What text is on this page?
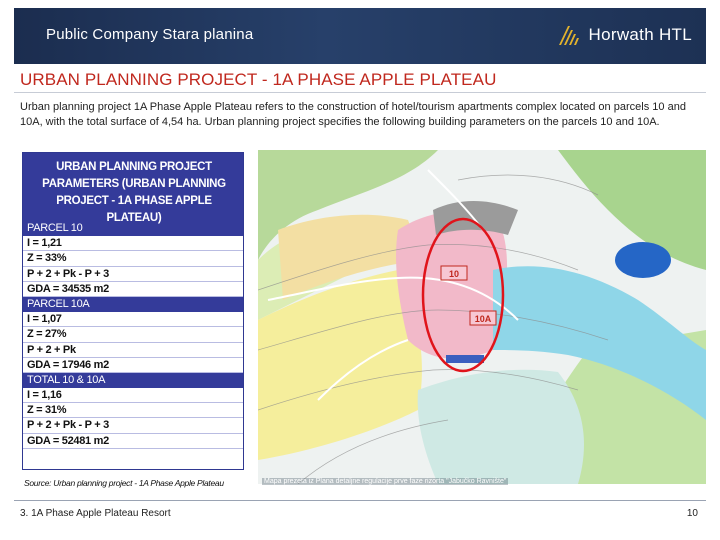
Public Company Stara planina	Horwath HTL
URBAN PLANNING PROJECT - 1A PHASE APPLE PLATEAU

Urban planning project 1A Phase Apple Plateau refers to the construction of hotel/tourism apartments complex located on parcels 10 and 10A, with the total surface of 4,54 ha. Urban planning project specifies the following building parameters on the parcels 10 and 10A.

URBAN PLANNING PROJECT PARAMETERS (URBAN PLANNING PROJECT - 1A PHASE APPLE PLATEAU)
PARCEL 10
I = 1,21
Z = 33%
P + 2 + Pk - P + 3
GDA = 34535 m2
PARCEL 10A
I = 1,07
Z = 27%
P + 2 + Pk
GDA = 17946 m2
TOTAL 10 & 10A
I = 1,16
Z = 31%
P + 2 + Pk - P + 3
GDA = 52481 m2
Source: Urban planning project - 1A Phase Apple Plateau
10
10A
Mapa prezeta iz Plana detaljne regulacije prve faze rizorta "Jabučko Ravnište"
3. 1A Phase Apple Plateau Resort	10
